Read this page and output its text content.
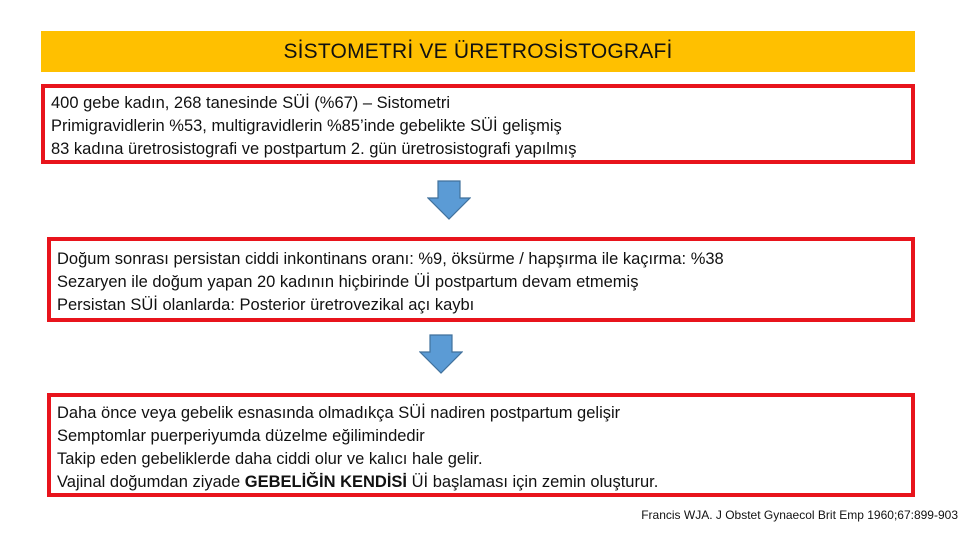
SİSTOMETRİ VE ÜRETROSİSTOGRAFİ
400 gebe kadın, 268 tanesinde SÜİ (%67) – Sistometri
Primigravidlerin %53, multigravidlerin %85’inde gebelikte SÜİ gelişmiş
83 kadına üretrosistografi ve postpartum 2. gün üretrosistografi yapılmış
Doğum sonrası persistan ciddi inkontinans oranı: %9, öksürme / hapşırma ile kaçırma: %38
Sezaryen ile doğum yapan 20 kadının hiçbirinde Üİ postpartum devam etmemiş
Persistan SÜİ olanlarda: Posterior üretrovezikal açı kaybı
Daha önce veya gebelik esnasında olmadıkça SÜİ nadiren postpartum gelişir
Semptomlar puerperiyumda düzelme eğilimindedir
Takip eden gebeliklerde daha ciddi olur ve kalıcı hale gelir.
Vajinal doğumdan ziyade GEBELİĞİN KENDİSİ Üİ başlaması için zemin oluşturur.
Francis WJA. J Obstet Gynaecol Brit Emp 1960;67:899-903
